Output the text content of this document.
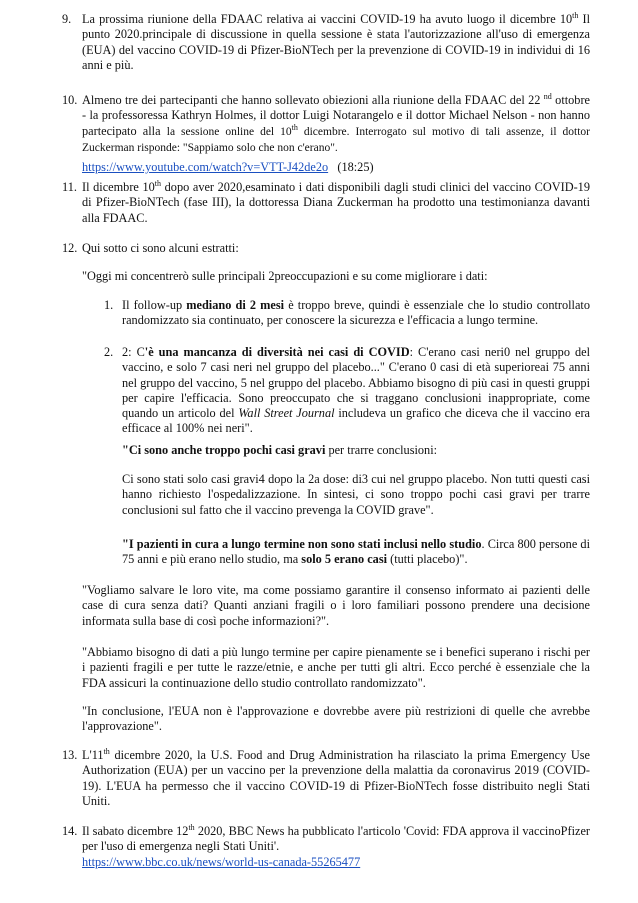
9. La prossima riunione della FDAAC relativa ai vaccini COVID-19 ha avuto luogo il dicembre 10th Il punto 2020.principale di discussione in quella sessione è stata l'autorizzazione all'uso di emergenza (EUA) del vaccino COVID-19 di Pfizer-BioNTech per la prevenzione di COVID-19 in individui di 16 anni e più.
10. Almeno tre dei partecipanti che hanno sollevato obiezioni alla riunione della FDAAC del 22 $^{nd}$ ottobre - la professoressa Kathryn Holmes, il dottor Luigi Notarangelo e il dottor Michael Nelson - non hanno partecipato alla la sessione online del 10th dicembre. Interrogato sul motivo di tali assenze, il dottor Zuckerman risponde: "Sappiamo solo che non c'erano".
https://www.youtube.com/watch?v=VTT-J42de2o (18:25)
11. Il dicembre 10th dopo aver 2020,esaminato i dati disponibili dagli studi clinici del vaccino COVID-19 di Pfizer-BioNTech (fase III), la dottoressa Diana Zuckerman ha prodotto una testimonianza davanti alla FDAAC.
12. Qui sotto ci sono alcuni estratti:
"Oggi mi concentrerò sulle principali 2preoccupazioni e su come migliorare i dati:
1. Il follow-up mediano di 2 mesi è troppo breve, quindi è essenziale che lo studio controllato randomizzato sia continuato, per conoscere la sicurezza e l'efficacia a lungo termine.
2. 2: C'è una mancanza di diversità nei casi di COVID: C'erano casi neri0 nel gruppo del vaccino, e solo 7 casi neri nel gruppo del placebo..." C'erano 0 casi di età superioreai 75 anni nel gruppo del vaccino, 5 nel gruppo del placebo. Abbiamo bisogno di più casi in questi gruppi per capire l'efficacia. Sono preoccupato che si traggano conclusioni inappropriate, come quando un articolo del Wall Street Journal includeva un grafico che diceva che il vaccino era efficace al 100% nei neri".
"Ci sono anche troppo pochi casi gravi per trarre conclusioni:
Ci sono stati solo casi gravi4 dopo la 2a dose: di3 cui nel gruppo placebo. Non tutti questi casi hanno richiesto l'ospedalizzazione. In sintesi, ci sono troppo pochi casi gravi per trarre conclusioni sul fatto che il vaccino prevenga la COVID grave".
"I pazienti in cura a lungo termine non sono stati inclusi nello studio. Circa 800 persone di 75 anni e più erano nello studio, ma solo 5 erano casi (tutti placebo)".
"Vogliamo salvare le loro vite, ma come possiamo garantire il consenso informato ai pazienti delle case di cura senza dati? Quanti anziani fragili o i loro familiari possono prendere una decisione informata sulla base di così poche informazioni?".
"Abbiamo bisogno di dati a più lungo termine per capire pienamente se i benefici superano i rischi per i pazienti fragili e per tutte le razze/etnie, e anche per tutti gli altri. Ecco perché è essenziale che la FDA assicuri la continuazione dello studio controllato randomizzato".
"In conclusione, l'EUA non è l'approvazione e dovrebbe avere più restrizioni di quelle che avrebbe l'approvazione".
13. L'11th dicembre 2020, la U.S. Food and Drug Administration ha rilasciato la prima Emergency Use Authorization (EUA) per un vaccino per la prevenzione della malattia da coronavirus 2019 (COVID- 19). L'EUA ha permesso che il vaccino COVID-19 di Pfizer-BioNTech fosse distribuito negli Stati Uniti.
14. Il sabato dicembre 12th 2020, BBC News ha pubblicato l'articolo 'Covid: FDA approva il vaccinoPfizer per l'uso di emergenza negli Stati Uniti'.
https://www.bbc.co.uk/news/world-us-canada-55265477
